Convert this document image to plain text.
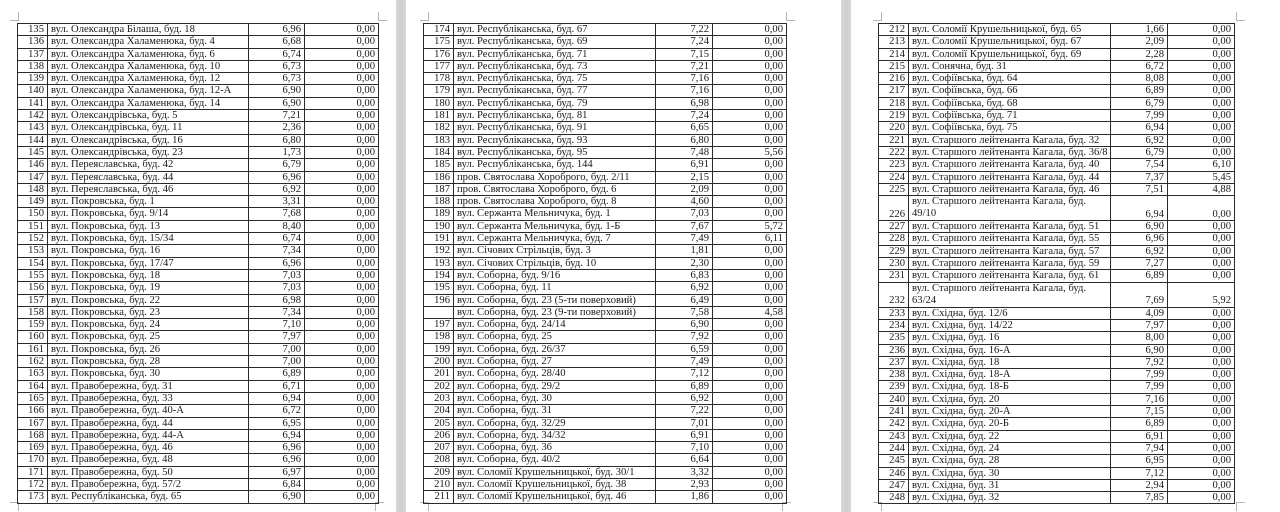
135	вул. Олександра Білаша, буд. 18	6,96	0,00
136	вул. Олександра Халаменюка, буд. 4	6,68	0,00
137	вул. Олександра Халаменюка, буд. 6	6,74	0,00
138	вул. Олександра Халаменюка, буд. 10	6,73	0,00
139	вул. Олександра Халаменюка, буд. 12	6,73	0,00
140	вул. Олександра Халаменюка, буд. 12-А	6,90	0,00
141	вул. Олександра Халаменюка, буд. 14	6,90	0,00
142	вул. Олександрівська, буд. 5	7,21	0,00
143	вул. Олександрівська, буд. 11	2,36	0,00
144	вул. Олександрівська, буд. 16	6,80	0,00
145	вул. Олександрівська, буд. 23	1,73	0,00
146	вул. Переяславська, буд. 42	6,79	0,00
147	вул. Переяславська, буд. 44	6,96	0,00
148	вул. Переяславська, буд. 46	6,92	0,00
149	вул. Покровська, буд. 1	3,31	0,00
150	вул. Покровська, буд. 9/14	7,68	0,00
151	вул. Покровська, буд. 13	8,40	0,00
152	вул. Покровська, буд. 15/34	6,74	0,00
153	вул. Покровська, буд. 16	7,34	0,00
154	вул. Покровська, буд. 17/47	6,96	0,00
155	вул. Покровська, буд. 18	7,03	0,00
156	вул. Покровська, буд. 19	7,03	0,00
157	вул. Покровська, буд. 22	6,98	0,00
158	вул. Покровська, буд. 23	7,34	0,00
159	вул. Покровська, буд. 24	7,10	0,00
160	вул. Покровська, буд. 25	7,97	0,00
161	вул. Покровська, буд. 26	7,00	0,00
162	вул. Покровська, буд. 28	7,00	0,00
163	вул. Покровська, буд. 30	6,89	0,00
164	вул. Правобережна, буд. 31	6,71	0,00
165	вул. Правобережна, буд. 33	6,94	0,00
166	вул. Правобережна, буд. 40-А	6,72	0,00
167	вул. Правобережна, буд. 44	6,95	0,00
168	вул. Правобережна, буд. 44-А	6,94	0,00
169	вул. Правобережна, буд. 46	6,96	0,00
170	вул. Правобережна, буд. 48	6,96	0,00
171	вул. Правобережна, буд. 50	6,97	0,00
172	вул. Правобережна, буд. 57/2	6,84	0,00
173	вул. Республіканська, буд. 65	6,90	0,00
174	вул. Республіканська, буд. 67	7,22	0,00
175	вул. Республіканська, буд. 69	7,24	0,00
176	вул. Республіканська, буд. 71	7,15	0,00
177	вул. Республіканська, буд. 73	7,21	0,00
178	вул. Республіканська, буд. 75	7,16	0,00
179	вул. Республіканська, буд. 77	7,16	0,00
180	вул. Республіканська, буд. 79	6,98	0,00
181	вул. Республіканська, буд. 81	7,24	0,00
182	вул. Республіканська, буд. 91	6,65	0,00
183	вул. Республіканська, буд. 93	6,80	0,00
184	вул. Республіканська, буд. 95	7,48	5,56
185	вул. Республіканська, буд. 144	6,91	0,00
186	пров. Святослава Хороброго, буд. 2/11	2,15	0,00
187	пров. Святослава Хороброго, буд. 6	2,09	0,00
188	пров. Святослава Хороброго, буд. 8	4,60	0,00
189	вул. Сержанта Мельничука, буд. 1	7,03	0,00
190	вул. Сержанта Мельничука, буд. 1-Б	7,67	5,72
191	вул. Сержанта Мельничука, буд. 7	7,49	6,11
192	вул. Січових Стрільців, буд. 3	1,81	0,00
193	вул. Січових Стрільців, буд. 10	2,30	0,00
194	вул. Соборна, буд. 9/16	6,83	0,00
195	вул. Соборна, буд. 11	6,92	0,00
196	вул. Соборна, буд. 23 (5-ти поверховий)	6,49	0,00
	вул. Соборна, буд. 23 (9-ти поверховий)	7,58	4,58
197	вул. Соборна, буд. 24/14	6,90	0,00
198	вул. Соборна, буд. 25	7,92	0,00
199	вул. Соборна, буд. 26/37	6,59	0,00
200	вул. Соборна, буд. 27	7,49	0,00
201	вул. Соборна, буд. 28/40	7,12	0,00
202	вул. Соборна, буд. 29/2	6,89	0,00
203	вул. Соборна, буд. 30	6,92	0,00
204	вул. Соборна, буд. 31	7,22	0,00
205	вул. Соборна, буд. 32/29	7,01	0,00
206	вул. Соборна, буд. 34/32	6,91	0,00
207	вул. Соборна, буд. 36	7,10	0,00
208	вул. Соборна, буд. 40/2	6,64	0,00
209	вул. Соломії Крушельницької, буд. 30/1	3,32	0,00
210	вул. Соломії Крушельницької, буд. 38	2,93	0,00
211	вул. Соломії Крушельницької, буд. 46	1,86	0,00
212	вул. Соломії Крушельницької, буд. 65	1,66	0,00
213	вул. Соломії Крушельницької, буд. 67	2,09	0,00
214	вул. Соломії Крушельницької, буд. 69	2,28	0,00
215	вул. Сонячна, буд. 31	6,72	0,00
216	вул. Софіївська, буд. 64	8,08	0,00
217	вул. Софіївська, буд. 66	6,89	0,00
218	вул. Софіївська, буд. 68	6,79	0,00
219	вул. Софіївська, буд. 71	7,99	0,00
220	вул. Софіївська, буд. 75	6,94	0,00
221	вул. Старшого лейтенанта Кагала, буд. 32	6,92	0,00
222	вул. Старшого лейтенанта Кагала, буд. 36/8	6,79	0,00
223	вул. Старшого лейтенанта Кагала, буд. 40	7,54	6,10
224	вул. Старшого лейтенанта Кагала, буд. 44	7,37	5,45
225	вул. Старшого лейтенанта Кагала, буд. 46	7,51	4,88
226	вул. Старшого лейтенанта Кагала, буд. 49/10	6,94	0,00
227	вул. Старшого лейтенанта Кагала, буд. 51	6,90	0,00
228	вул. Старшого лейтенанта Кагала, буд. 55	6,96	0,00
229	вул. Старшого лейтенанта Кагала, буд. 57	6,92	0,00
230	вул. Старшого лейтенанта Кагала, буд. 59	7,27	0,00
231	вул. Старшого лейтенанта Кагала, буд. 61	6,89	0,00
232	вул. Старшого лейтенанта Кагала, буд. 63/24	7,69	5,92
233	вул. Східна, буд. 12/6	4,09	0,00
234	вул. Східна, буд. 14/22	7,97	0,00
235	вул. Східна, буд. 16	8,00	0,00
236	вул. Східна, буд. 16-А	6,90	0,00
237	вул. Східна, буд. 18	7,92	0,00
238	вул. Східна, буд. 18-А	7,99	0,00
239	вул. Східна, буд. 18-Б	7,99	0,00
240	вул. Східна, буд. 20	7,16	0,00
241	вул. Східна, буд. 20-А	7,15	0,00
242	вул. Східна, буд. 20-Б	6,89	0,00
243	вул. Східна, буд. 22	6,91	0,00
244	вул. Східна, буд. 24	7,94	0,00
245	вул. Східна, буд. 28	6,95	0,00
246	вул. Східна, буд. 30	7,12	0,00
247	вул. Східна, буд. 31	2,94	0,00
248	вул. Східна, буд. 32	7,85	0,00
